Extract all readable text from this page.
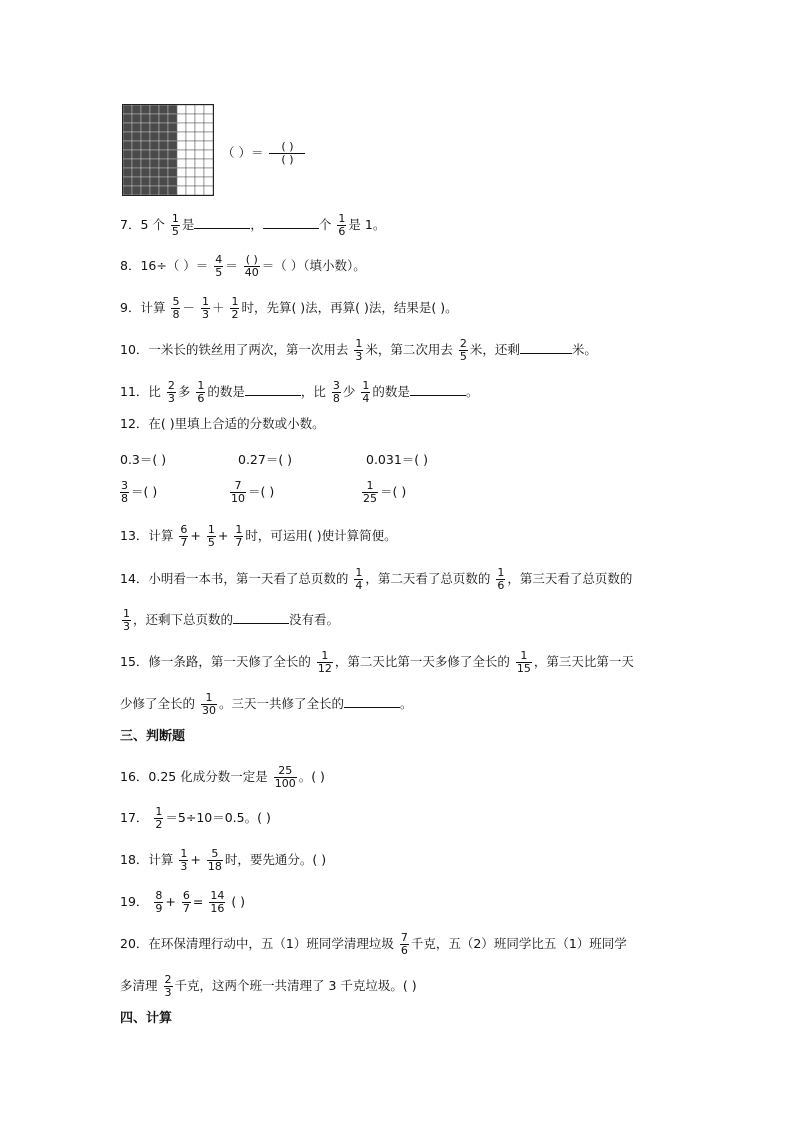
（ ）＝ $\frac{( )}{( )}$
7．5 个 $\frac{1}{5}$ 是	，	个 $\frac{1}{6}$ 是 1。
8．16÷（ ）＝ $\frac{4}{5} = \frac{( )}{40}$ ＝（ ）（填小数）。
9．计算 $\frac{5}{8} - \frac{1}{3} + \frac{1}{2}$ 时，先算( )法，再算( )法，结果是( )。
10．一米长的铁丝用了两次，第一次用去 $\frac{1}{3}$ 米，第二次用去 $\frac{2}{5}$ 米，还剩	米。
11．比 $\frac{2}{3}$ 多 $\frac{1}{6}$ 的数是	，比 $\frac{3}{8}$ 少 $\frac{1}{4}$ 的数是	。
12．在( )里填上合适的分数或小数。
0.3＝( )	0.27＝( )	0.031＝( )
$\frac{3}{8}$ ＝( )	$\frac{7}{10}$ ＝( )	$\frac{1}{25}$ ＝( )
13．计算 $\frac{6}{7} + \frac{1}{5} + \frac{1}{7}$ 时，可运用( )使计算简便。
14．小明看一本书，第一天看了总页数的 $\frac{1}{4}$ ，第二天看了总页数的 $\frac{1}{6}$ ，第三天看了总页数的
$\frac{1}{3}$ ，还剩下总页数的	没有看。
15．修一条路，第一天修了全长的 $\frac{1}{12}$ ，第二天比第一天多修了全长的 $\frac{1}{15}$ ，第三天比第一天
少修了全长的 $\frac{1}{30}$ 。三天一共修了全长的	。
三、判断题
16．0.25 化成分数一定是 $\frac{25}{100}$ 。( )
17． $\frac{1}{2} =5\div 10=0.5$。( )
18．计算 $\frac{1}{3} + \frac{5}{18}$ 时，要先通分。( )
19． $\frac{8}{9} + \frac{6}{7} = \frac{14}{16}$ ( )
20．在环保清理行动中，五（1）班同学清理垃圾 $\frac{7}{6}$ 千克，五（2）班同学比五（1）班同学
多清理 $\frac{2}{3}$ 千克，这两个班一共清理了 3 千克垃圾。( )
四、计算
